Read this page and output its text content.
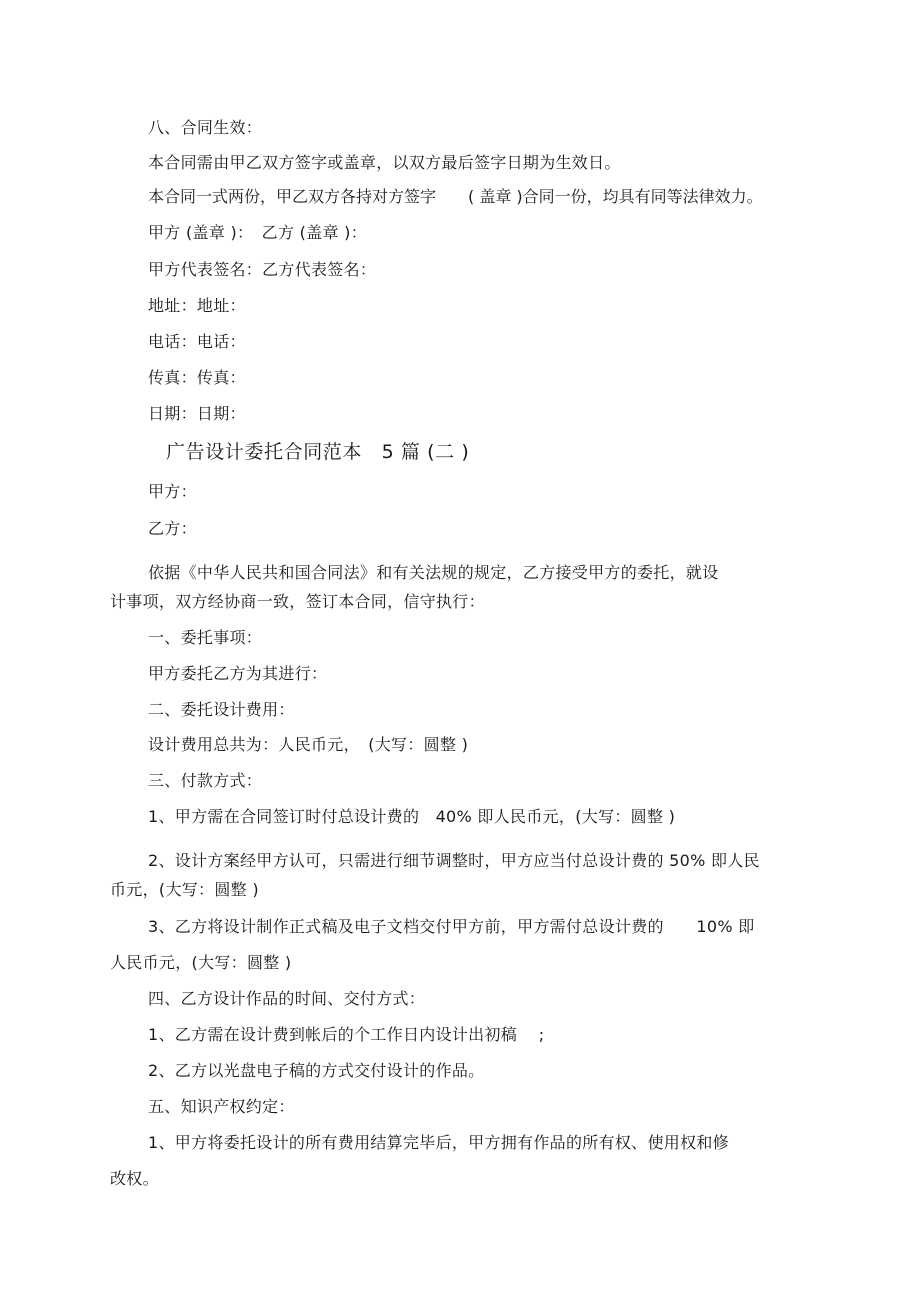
八、合同生效：
本合同需由甲乙双方签字或盖章，以双方最后签字日期为生效日。
本合同一式两份，甲乙双方各持对方签字　　( 盖章 )合同一份，均具有同等法律效力。
甲方 (盖章 )：　乙方 (盖章 )：
甲方代表签名：乙方代表签名：
地址：地址：
电话：电话：
传真：传真：
日期：日期：
广告设计委托合同范本　5 篇 (二 )
甲方：
乙方：
依据《中华人民共和国合同法》和有关法规的规定，乙方接受甲方的委托，就设
计事项，双方经协商一致，签订本合同，信守执行：
一、委托事项：
甲方委托乙方为其进行：
二、委托设计费用：
设计费用总共为：人民币元，　(大写：圆整 )
三、付款方式：
1、甲方需在合同签订时付总设计费的　40% 即人民币元，(大写：圆整 )
2、设计方案经甲方认可，只需进行细节调整时，甲方应当付总设计费的 50% 即人民
币元，(大写：圆整 )
3、乙方将设计制作正式稿及电子文档交付甲方前，甲方需付总设计费的　　10% 即
人民币元，(大写：圆整 )
四、乙方设计作品的时间、交付方式：
1、乙方需在设计费到帐后的个工作日内设计出初稿　 ;
2、乙方以光盘电子稿的方式交付设计的作品。
五、知识产权约定：
1、甲方将委托设计的所有费用结算完毕后，甲方拥有作品的所有权、使用权和修
改权。
